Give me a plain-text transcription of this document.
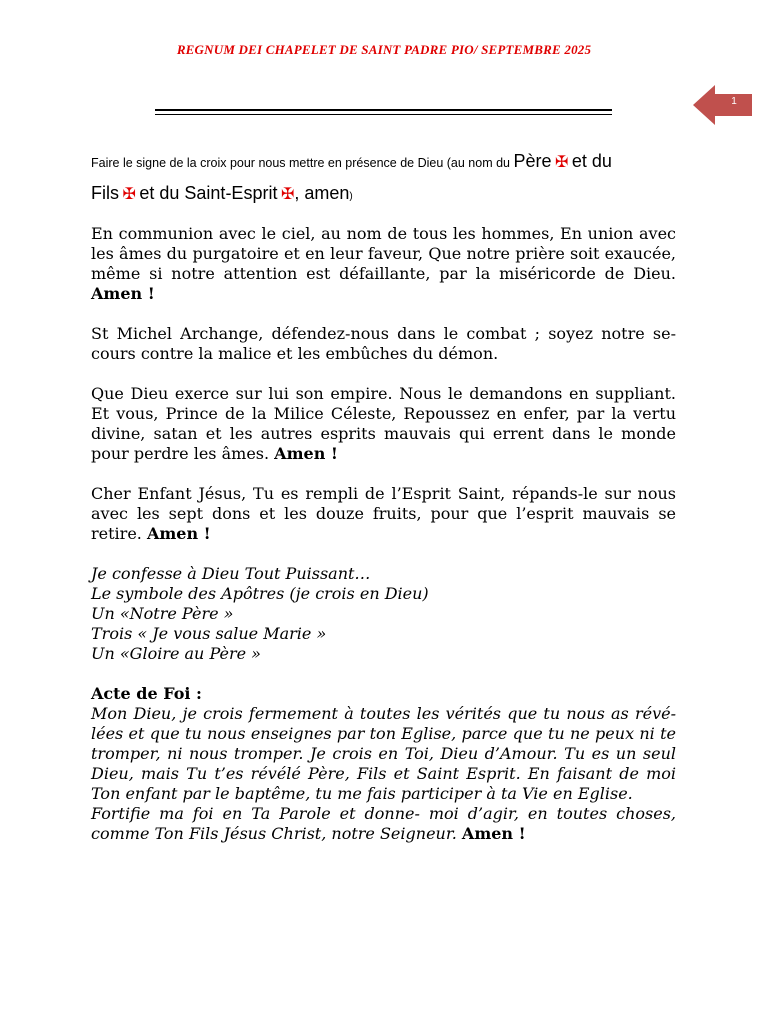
REGNUM DEI CHAPELET DE SAINT PADRE PIO/ SEPTEMBRE 2025
1
Faire le signe de la croix pour nous mettre en présence de Dieu (au nom du Père ✠ et du
Fils ✠ et du Saint-Esprit ✠, amen)

En communion avec le ciel, au nom de tous les hommes, En union avec les âmes du purgatoire et en leur faveur, Que notre prière soit exaucée, même si notre attention est défaillante, par la miséricorde de Dieu. Amen !

St Michel Archange, défendez-nous dans le combat ; soyez notre se-cours contre la malice et les embûches du démon.

Que Dieu exerce sur lui son empire. Nous le demandons en suppliant. Et vous, Prince de la Milice Céleste, Repoussez en enfer, par la vertu divine, satan et les autres esprits mauvais qui errent dans le monde pour perdre les âmes. Amen !

Cher Enfant Jésus, Tu es rempli de l’Esprit Saint, répands-le sur nous avec les sept dons et les douze fruits, pour que l’esprit mauvais se retire. Amen !

Je confesse à Dieu Tout Puissant…
Le symbole des Apôtres (je crois en Dieu)
Un «Notre Père »
Trois « Je vous salue Marie »
Un «Gloire au Père »
Acte de Foi :

Mon Dieu, je crois fermement à toutes les vérités que tu nous as révé-lées et que tu nous enseignes par ton Eglise, parce que tu ne peux ni te tromper, ni nous tromper. Je crois en Toi, Dieu d’Amour. Tu es un seul Dieu, mais Tu t’es révélé Père, Fils et Saint Esprit. En faisant de moi Ton enfant par le baptême, tu me fais participer à ta Vie en Eglise.

Fortifie ma foi en Ta Parole et donne- moi d’agir, en toutes choses, comme Ton Fils Jésus Christ, notre Seigneur. Amen !
